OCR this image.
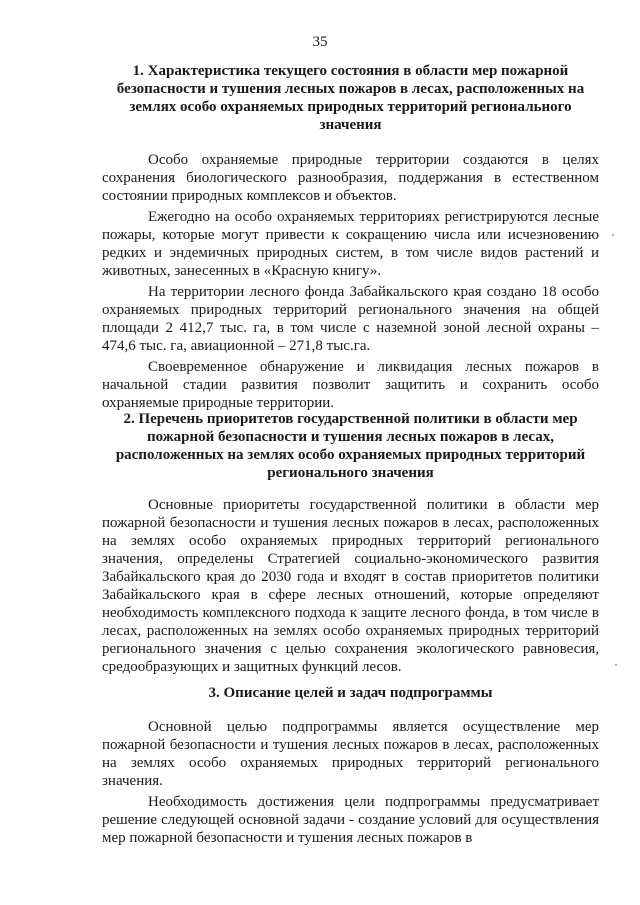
35

1. Характеристика текущего состояния в области мер пожарной безопасности и тушения лесных пожаров в лесах, расположенных на землях особо охраняемых природных территорий регионального значения

Особо охраняемые природные территории создаются в целях сохранения биологического разнообразия, поддержания в естественном состоянии природных комплексов и объектов.

Ежегодно на особо охраняемых территориях регистрируются лесные пожары, которые могут привести к сокращению числа или исчезновению редких и эндемичных природных систем, в том числе видов растений и животных, занесенных в «Красную книгу».

На территории лесного фонда Забайкальского края создано 18 особо охраняемых природных территорий регионального значения на общей площади 2 412,7 тыс. га, в том числе с наземной зоной лесной охраны – 474,6 тыс. га, авиационной – 271,8 тыс.га.

Своевременное обнаружение и ликвидация лесных пожаров в начальной стадии развития позволит защитить и сохранить особо охраняемые природные территории.

2. Перечень приоритетов государственной политики в области мер пожарной безопасности и тушения лесных пожаров в лесах, расположенных на землях особо охраняемых природных территорий регионального значения

Основные приоритеты государственной политики в области мер пожарной безопасности и тушения лесных пожаров в лесах, расположенных на землях особо охраняемых природных территорий регионального значения, определены Стратегией социально-экономического развития Забайкальского края до 2030 года и входят в состав приоритетов политики Забайкальского края в сфере лесных отношений, которые определяют необходимость комплексного подхода к защите лесного фонда, в том числе в лесах, расположенных на землях особо охраняемых природных территорий регионального значения с целью сохранения экологического равновесия, средообразующих и защитных функций лесов.

3. Описание целей и задач подпрограммы

Основной целью подпрограммы является осуществление мер пожарной безопасности и тушения лесных пожаров в лесах, расположенных на землях особо охраняемых природных территорий регионального значения.

Необходимость достижения цели подпрограммы предусматривает решение следующей основной задачи - создание условий для осуществления мер пожарной безопасности и тушения лесных пожаров в
